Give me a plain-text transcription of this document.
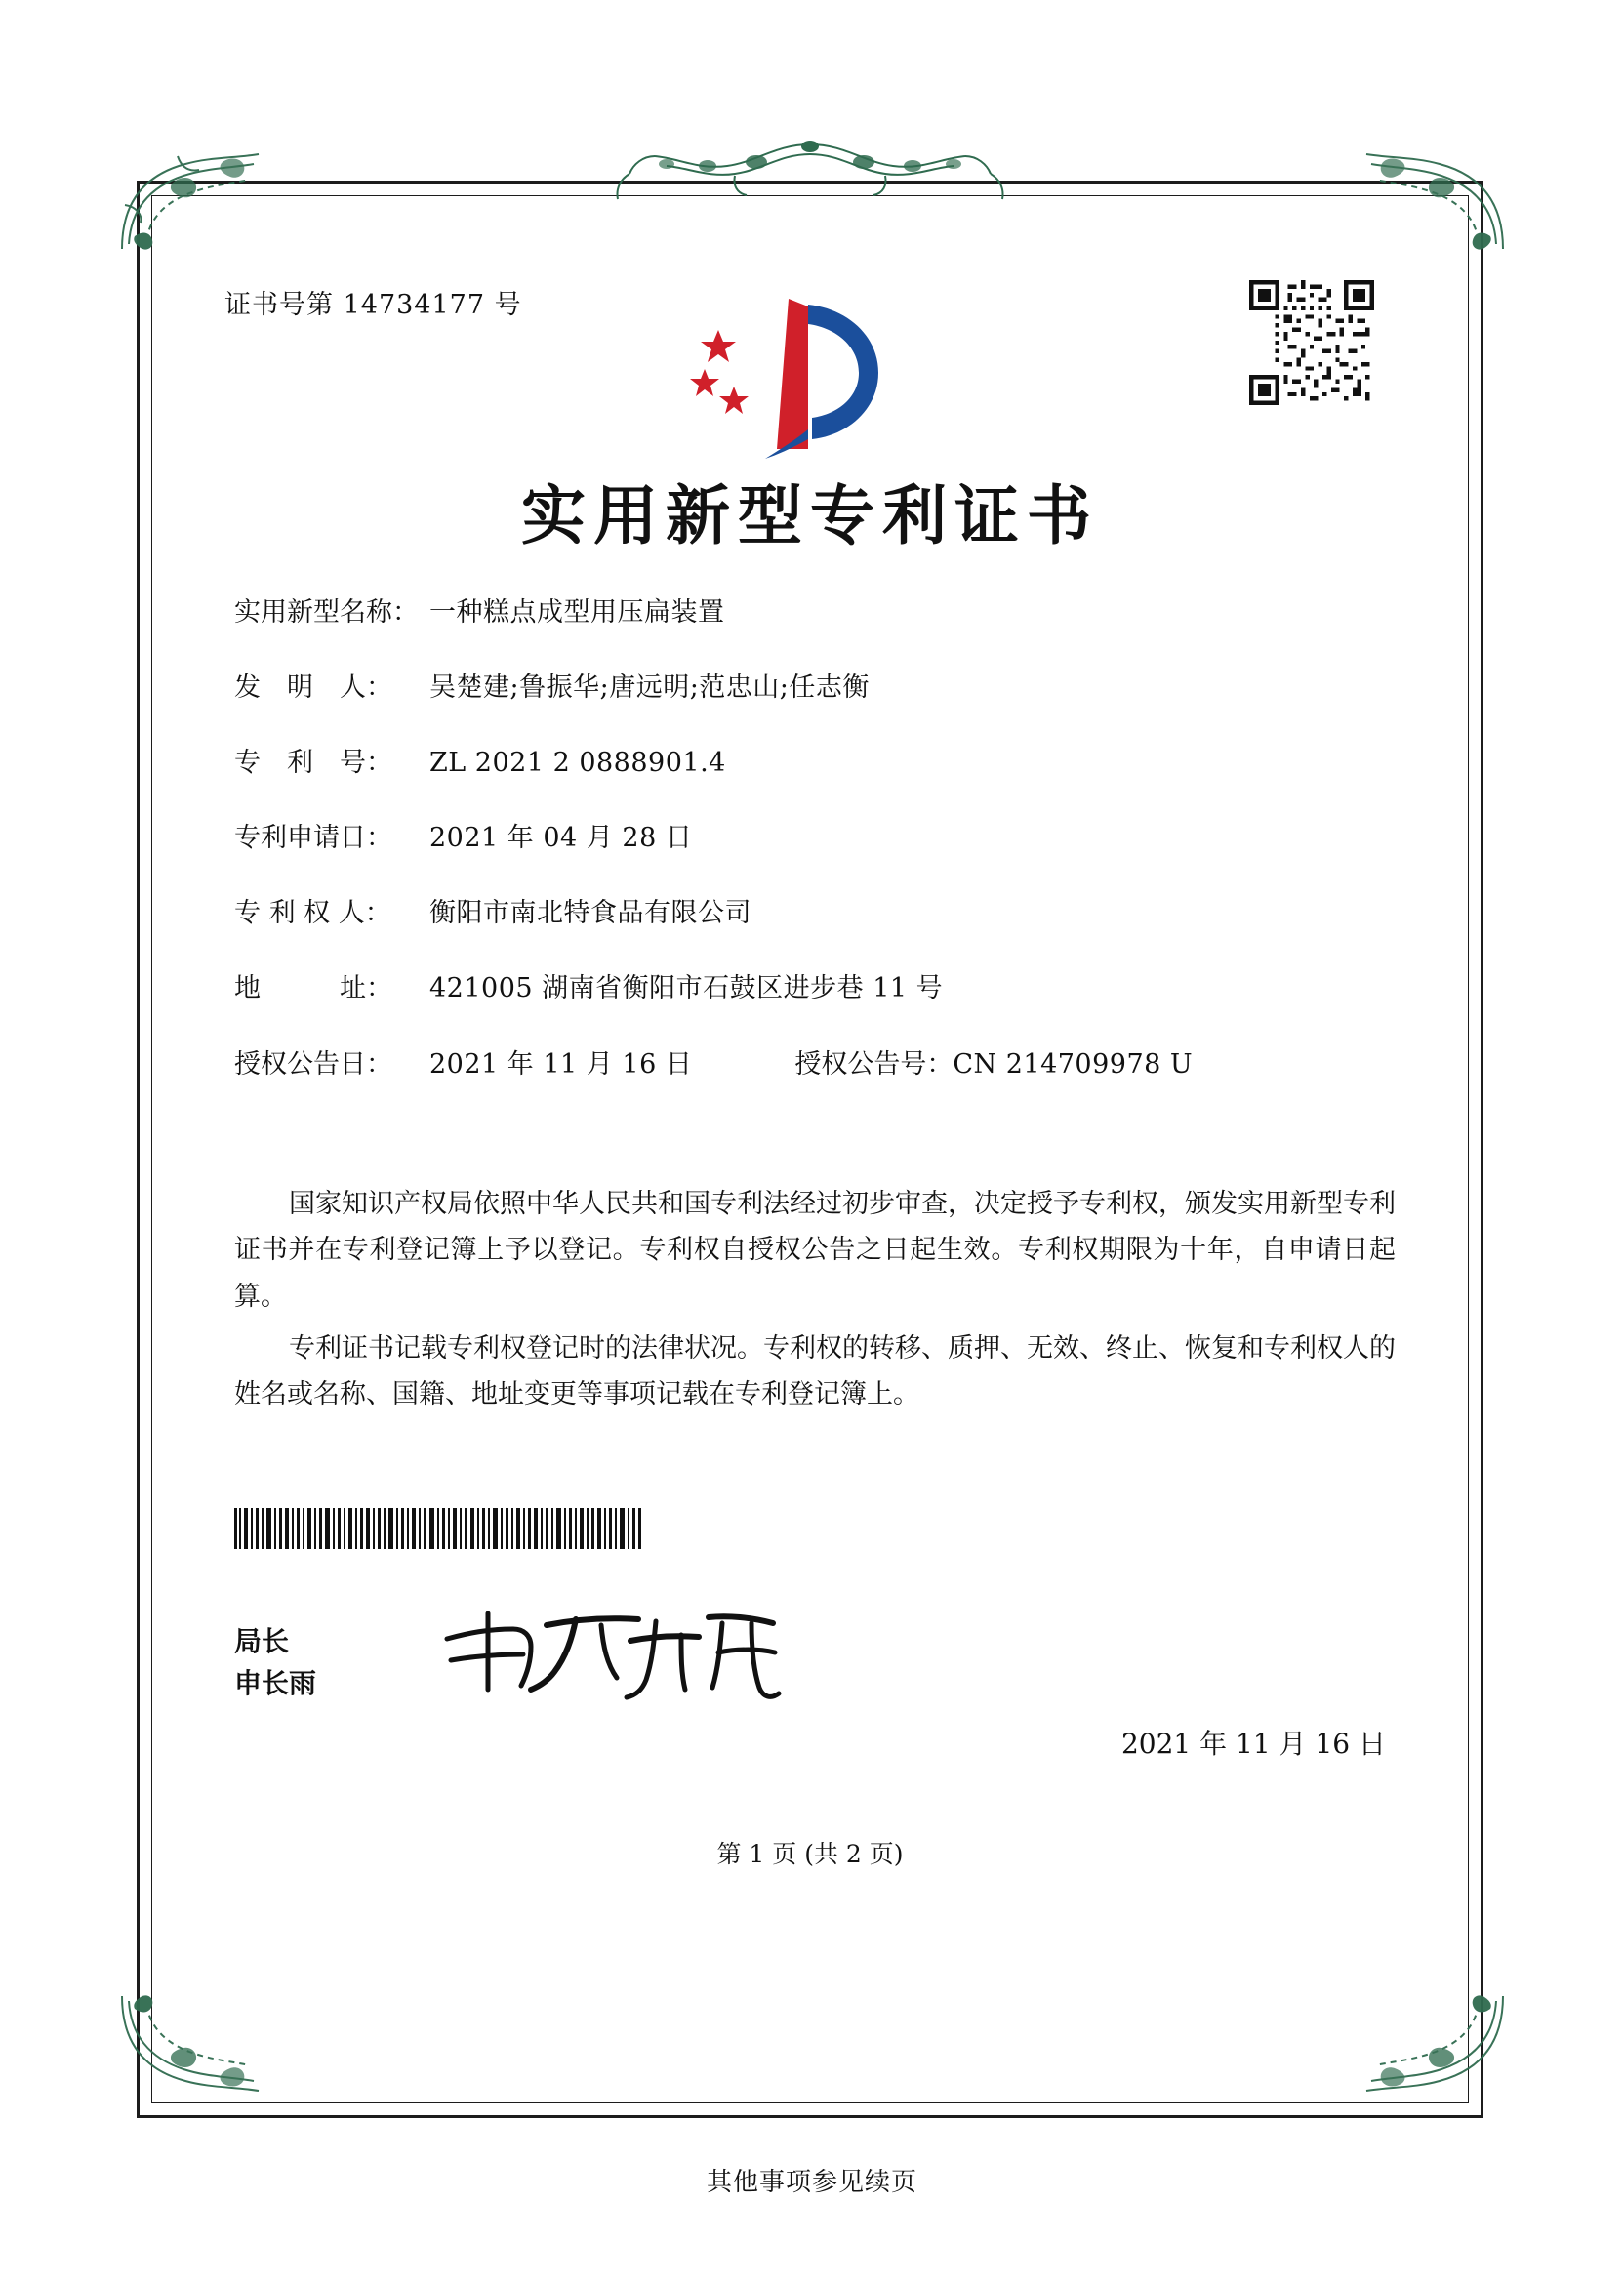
证书号第 14734177 号
实用新型专利证书
实用新型名称： 一种糕点成型用压扁装置
发　明　人：	吴楚建;鲁振华;唐远明;范忠山;任志衡
专　利　号：	ZL 2021 2 0888901.4
专利申请日：	2021 年 04 月 28 日
专 利 权 人：	衡阳市南北特食品有限公司
地　　　址：	421005 湖南省衡阳市石鼓区进步巷 11 号
授权公告日：	2021 年 11 月 16 日	授权公告号： CN 214709978 U

国家知识产权局依照中华人民共和国专利法经过初步审查，决定授予专利权，颁发实用新型专利证书并在专利登记簿上予以登记。专利权自授权公告之日起生效。专利权期限为十年，自申请日起算。

专利证书记载专利权登记时的法律状况。专利权的转移、质押、无效、终止、恢复和专利权人的姓名或名称、国籍、地址变更等事项记载在专利登记簿上。

局长
申长雨
2021 年 11 月 16 日
第 1 页 (共 2 页)
其他事项参见续页
